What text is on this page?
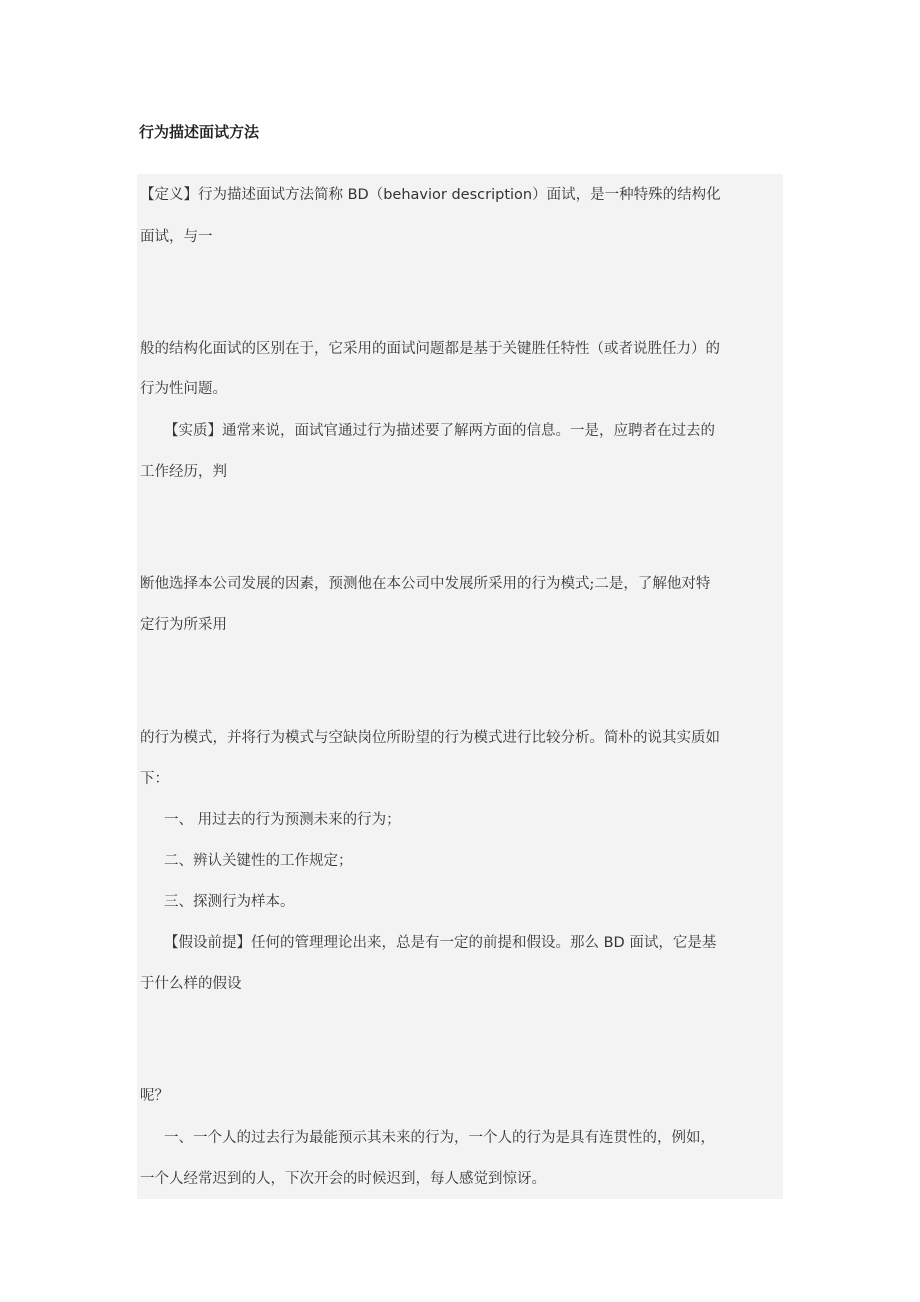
行为描述面试方法
【定义】行为描述面试方法简称 BD（behavior description）面试，是一种特殊的结构化
面试，与一
般的结构化面试的区别在于，它采用的面试问题都是基于关键胜任特性（或者说胜任力）的
行为性问题。
【实质】通常来说，面试官通过行为描述要了解两方面的信息。一是，应聘者在过去的
工作经历，判
断他选择本公司发展的因素，预测他在本公司中发展所采用的行为模式;二是，了解他对特
定行为所采用
的行为模式，并将行为模式与空缺岗位所盼望的行为模式进行比较分析。简朴的说其实质如
下：
一、 用过去的行为预测未来的行为；
二、辨认关键性的工作规定；
三、探测行为样本。
【假设前提】任何的管理理论出来，总是有一定的前提和假设。那么 BD 面试，它是基
于什么样的假设
呢？
一、一个人的过去行为最能预示其未来的行为，一个人的行为是具有连贯性的，例如，
一个人经常迟到的人，下次开会的时候迟到，每人感觉到惊讶。
